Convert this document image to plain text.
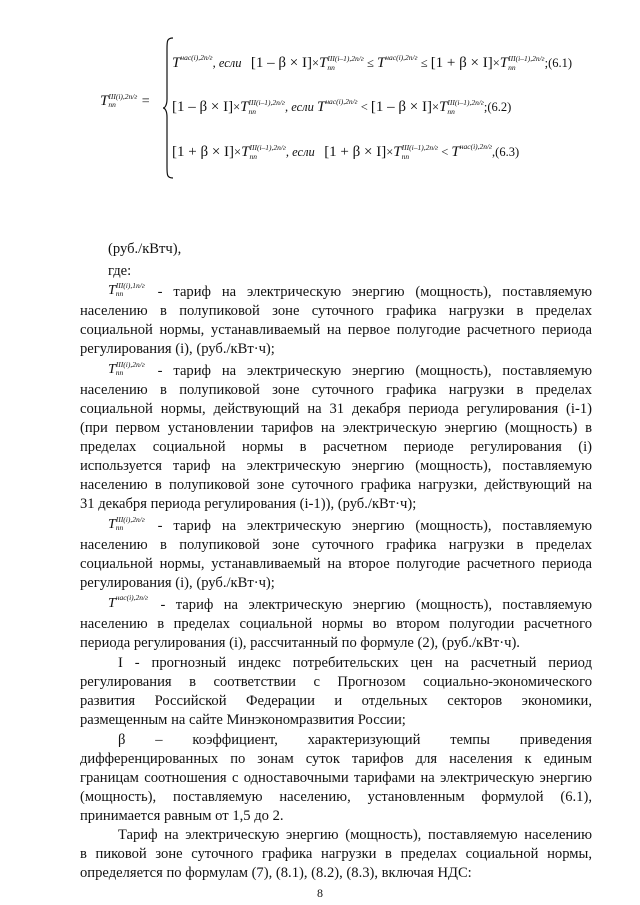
T III(i),2п/г
пп	=
$T^{нас(i),2п/г}$, если [1 – β × I]×T III(i–1),2п/г
пп	≤ $T^{нас(i),2п/г} \le [1 + \beta \times I]\times T$ III(i–1),2п/г
пп	;(6.1)
[1 – β × I]×T III(i–1),2п/г
пп	, если $T^{нас(i),2п/г} < [1 - \beta \times I]\times T$ III(i–1),2п/г
пп	;(6.2)
[1 + β × I]×T III(i–1),2п/г
пп	, если [1 + β × I]×T III(i–1),2п/г
пп	< $T^{нас(i),2п/г},(6.3)$
(руб./кВтч),
где:
T III(i),1п/г
пп	- тариф на электрическую энергию (мощность), поставляемую
населению в полупиковой зоне суточного графика нагрузки в пределах
социальной нормы, устанавливаемый на первое полугодие расчетного периода
регулирования (i), (руб./кВт·ч);
T III(i),2п/г
пп	- тариф на электрическую энергию (мощность), поставляемую
населению в полупиковой зоне суточного графика нагрузки в пределах
социальной нормы, действующий на 31 декабря периода регулирования (i-1)
(при первом установлении тарифов на электрическую энергию (мощность) в
пределах социальной нормы в расчетном периоде регулирования (i)
используется тариф на электрическую энергию (мощность), поставляемую
населению в полупиковой зоне суточного графика нагрузки, действующий на
31 декабря периода регулирования (i-1)), (руб./кВт·ч);
T III(i),2п/г
пп	- тариф на электрическую энергию (мощность), поставляемую
населению в полупиковой зоне суточного графика нагрузки в пределах
социальной нормы, устанавливаемый на второе полугодие расчетного периода
регулирования (i), (руб./кВт·ч);
$T^{нас(i),2п/г}$ - тариф на электрическую энергию (мощность), поставляемую
населению в пределах социальной нормы во втором полугодии расчетного
периода регулирования (i), рассчитанный по формуле (2), (руб./кВт·ч).
I - прогнозный индекс потребительских цен на расчетный период
регулирования в соответствии с Прогнозом социально-экономического
развития Российской Федерации и отдельных секторов экономики,
размещенным на сайте Минэкономразвития России;
β – коэффициент, характеризующий темпы приведения
дифференцированных по зонам суток тарифов для населения к единым
границам соотношения с одноставочными тарифами на электрическую энергию
(мощность), поставляемую населению, установленным формулой (6.1),
принимается равным от 1,5 до 2.
Тариф на электрическую энергию (мощность), поставляемую населению
в пиковой зоне суточного графика нагрузки в пределах социальной нормы,
определяется по формулам (7), (8.1), (8.2), (8.3), включая НДС:
8
